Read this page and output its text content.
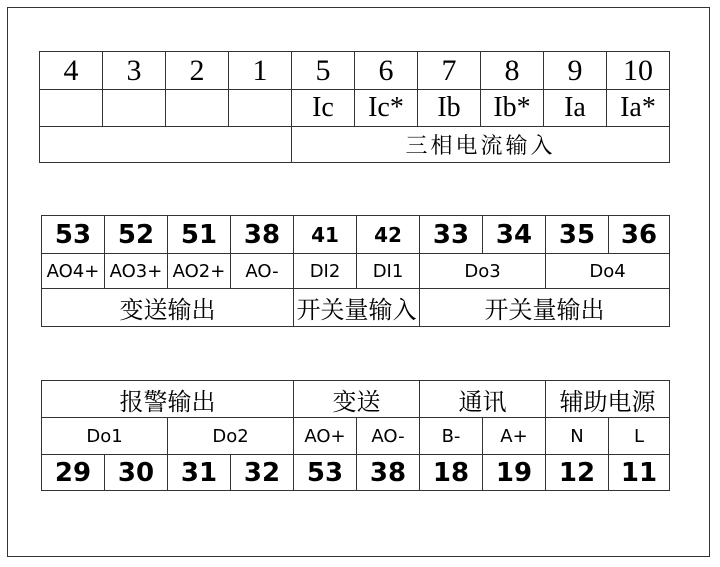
4	3	2	1	5	6	7	8	9	10
				Ic	Ic*	Ib	Ib*	Ia	Ia*
				三相电流输入					
53	52	51	38	41	42	33	34	35	36
AO4+	AO3+	AO2+	AO-	DI2	DI1	Do3		Do4	
变送输出				开关量输入		开关量输出			
报警输出				变送		通讯		辅助电源	
Do1		Do2		AO+	AO-	B-	A+	N	L
29	30	31	32	53	38	18	19	12	11
